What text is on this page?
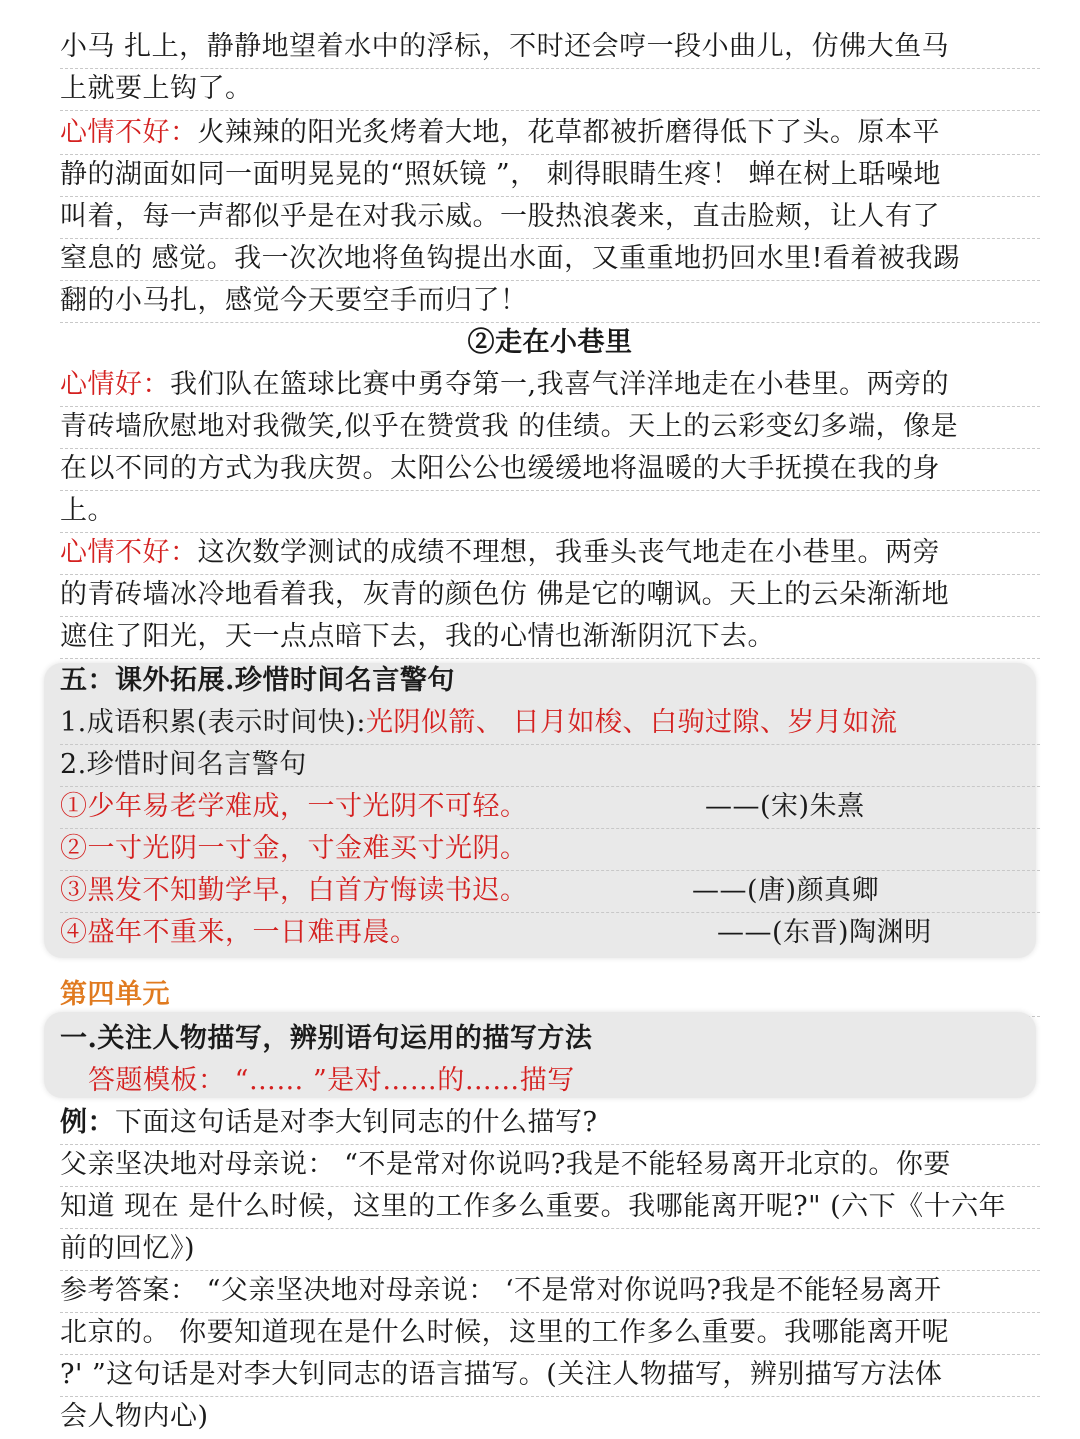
小马 扎上，静静地望着水中的浮标，不时还会哼一段小曲儿，仿佛大鱼马
上就要上钩了。
心情不好：火辣辣的阳光炙烤着大地，花草都被折磨得低下了头。原本平
静的湖面如同一面明晃晃的“照妖镜 ”， 刺得眼睛生疼！ 蝉在树上聒噪地
叫着，每一声都似乎是在对我示威。一股热浪袭来，直击脸颊，让人有了
窒息的 感觉。我一次次地将鱼钩提出水面，又重重地扔回水里!看着被我踢
翻的小马扎，感觉今天要空手而归了！
②走在小巷里
心情好：我们队在篮球比赛中勇夺第一,我喜气洋洋地走在小巷里。两旁的
青砖墙欣慰地对我微笑,似乎在赞赏我 的佳绩。天上的云彩变幻多端，像是
在以不同的方式为我庆贺。太阳公公也缓缓地将温暖的大手抚摸在我的身
上。
心情不好：这次数学测试的成绩不理想，我垂头丧气地走在小巷里。两旁
的青砖墙冰冷地看着我，灰青的颜色仿 佛是它的嘲讽。天上的云朵渐渐地
遮住了阳光，天一点点暗下去，我的心情也渐渐阴沉下去。
五：课外拓展.珍惜时间名言警句
1.成语积累(表示时间快):光阴似箭、 日月如梭、白驹过隙、岁月如流
2.珍惜时间名言警句
①少年易老学难成，一寸光阴不可轻。	——(宋)朱熹
②一寸光阴一寸金，寸金难买寸光阴。
③黑发不知勤学早，白首方悔读书迟。	——(唐)颜真卿
④盛年不重来，一日难再晨。	——(东晋)陶渊明
第四单元
一.关注人物描写，辨别语句运用的描写方法
答题模板： “…… ”是对……的……描写
例：下面这句话是对李大钊同志的什么描写?
父亲坚决地对母亲说： “不是常对你说吗?我是不能轻易离开北京的。你要
知道 现在 是什么时候，这里的工作多么重要。我哪能离开呢?" (六下《十六年
前的回忆》)
参考答案： “父亲坚决地对母亲说： ‘不是常对你说吗?我是不能轻易离开
北京的。 你要知道现在是什么时候，这里的工作多么重要。我哪能离开呢
?' ”这句话是对李大钊同志的语言描写。(关注人物描写，辨别描写方法体
会人物内心)
